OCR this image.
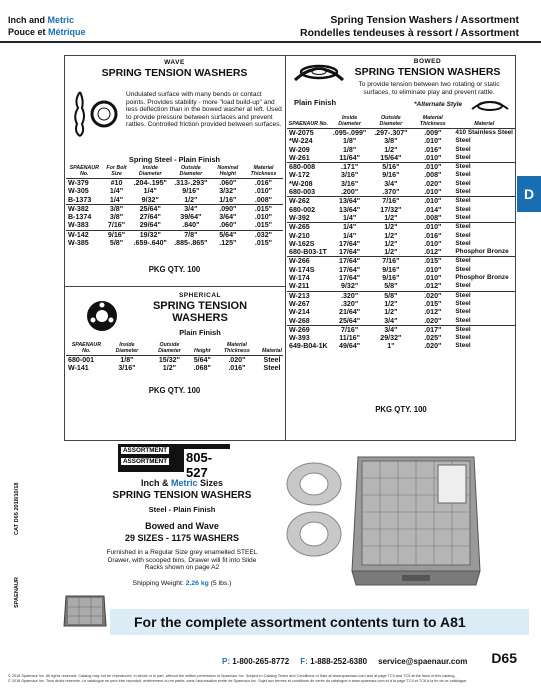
Inch and Metric
Pouce et Métrique
Spring Tension Washers / Assortment
Rondelles tendeuses à ressort / Assortment
D
WAVE
SPRING TENSION WASHERS
Undulated surface with many bends or contact points. Provides stability - more "load build-up" and less deflection than in the bowed washer at left. Used to provide pressure between surfaces and prevent rattles. Controlled friction provided between surfaces.
Spring Steel - Plain Finish
SPAENAUR No.	For Bolt Size	Inside Diameter	Outside Diameter	Nominal Height	Material Thickness
W-379	#10	.204-.195"	.313-.293"	.060"	.016"
W-305	1/4"	1/4"	9/16"	3/32"	.010"
B-1373	1/4"	9/32"	1/2"	1/16"	.008"
W-382	3/8"	25/64"	3/4"	.090"	.015"
B-1374	3/8"	27/64"	39/64"	3/64"	.010"
W-383	7/16"	29/64"	.840"	.060"	.015"
W-142	9/16"	19/32"	7/8"	5/64"	.032"
W-385	5/8"	.659-.640"	.885-.865"	.125"	.015"
PKG QTY. 100
SPHERICAL
SPRING TENSION
WASHERS
Plain Finish
SPAENAUR No.	Inside Diameter	Outside Diameter	Height	Material Thickness	Material
680-001	1/8"	15/32"	5/64"	.020"	Steel
W-141	3/16"	1/2"	.068"	.016"	Steel
PKG QTY. 100
BOWED
SPRING TENSION WASHERS
To provide tension between two rotating or static surfaces, to eliminate play and prevent rattle.
Plain Finish	*Alternate Style
SPAENAUR No.	Inside Diameter	Outside Diameter	Material Thickness	Material
W-2075	.095-.099"	.297-.307"	.009"	410 Stainless Steel
*W-224	1/8"	3/8"	.010"	Steel
W-209	1/8"	1/2"	.016"	Steel
W-261	11/64"	15/64"	.010"	Steel
680-008	.171"	5/16"	.010"	Steel
W-172	3/16"	9/16"	.008"	Steel
*W-208	3/16"	3/4"	.020"	Steel
680-003	.200"	.370"	.010"	Steel
W-262	13/64"	7/16"	.010"	Steel
680-002	13/64"	17/32"	.014"	Steel
W-392	1/4"	1/2"	.008"	Steel
W-265	1/4"	1/2"	.010"	Steel
W-210	1/4"	1/2"	.016"	Steel
W-162S	17/64"	1/2"	.010"	Steel
680-B03-1T	17/64"	1/2"	.012"	Phosphor Bronze
W-266	17/64"	7/16"	.015"	Steel
W-174S	17/64"	9/16"	.010"	Steel
W-174	17/64"	9/16"	.010"	Phosphor Bronze
W-211	9/32"	5/8"	.012"	Steel
W-213	.320"	5/8"	.020"	Steel
W-267	.320"	1/2"	.015"	Steel
W-214	21/64"	1/2"	.012"	Steel
W-268	25/64"	3/4"	.020"	Steel
W-269	7/16"	3/4"	.017"	Steel
W-393	11/16"	29/32"	.025"	Steel
649-B04-1K	49/64"	1"	.020"	Steel
PKG QTY. 100
ASSORTMENT
ASSORTMENT 805-527
Inch & Metric Sizes
SPRING TENSION WASHERS
Steel - Plain Finish
Bowed and Wave
29 SIZES - 1175 WASHERS
Furnished in a Regular Size grey enamelled STEEL Drawer, with scooped bins. Drawer will fit into Slide Racks shown on page A2
Shipping Weight: 2.26 kg (5 lbs.)
CAT D65 2018/10/18
SPAENAUR
For the complete assortment contents turn to A81
P: 1-800-265-8772 F: 1-888-252-6380 service@spaenaur.com D65
© 2018 Spaenaur Inc. All rights reserved. Catalog may not be reproduced, in whole or in part, without the written permission of Spaenaur Inc. Subject to Catalog Terms and Conditions of Sale at www.spaenaur.com and at page TC3 and TC5 at the back of this catalog.
© 2018 Spaenaur Inc. Tous droits réservés. Le catalogue ne peut être reproduit, entièrement ou en partie, sans l'autorisation écrite de Spaenaur Inc. Sujet aux termes et conditions de vente du catalogue à www.spaenaur.com et à la page TC4 et TC6 à la fin de ce catalogue.
